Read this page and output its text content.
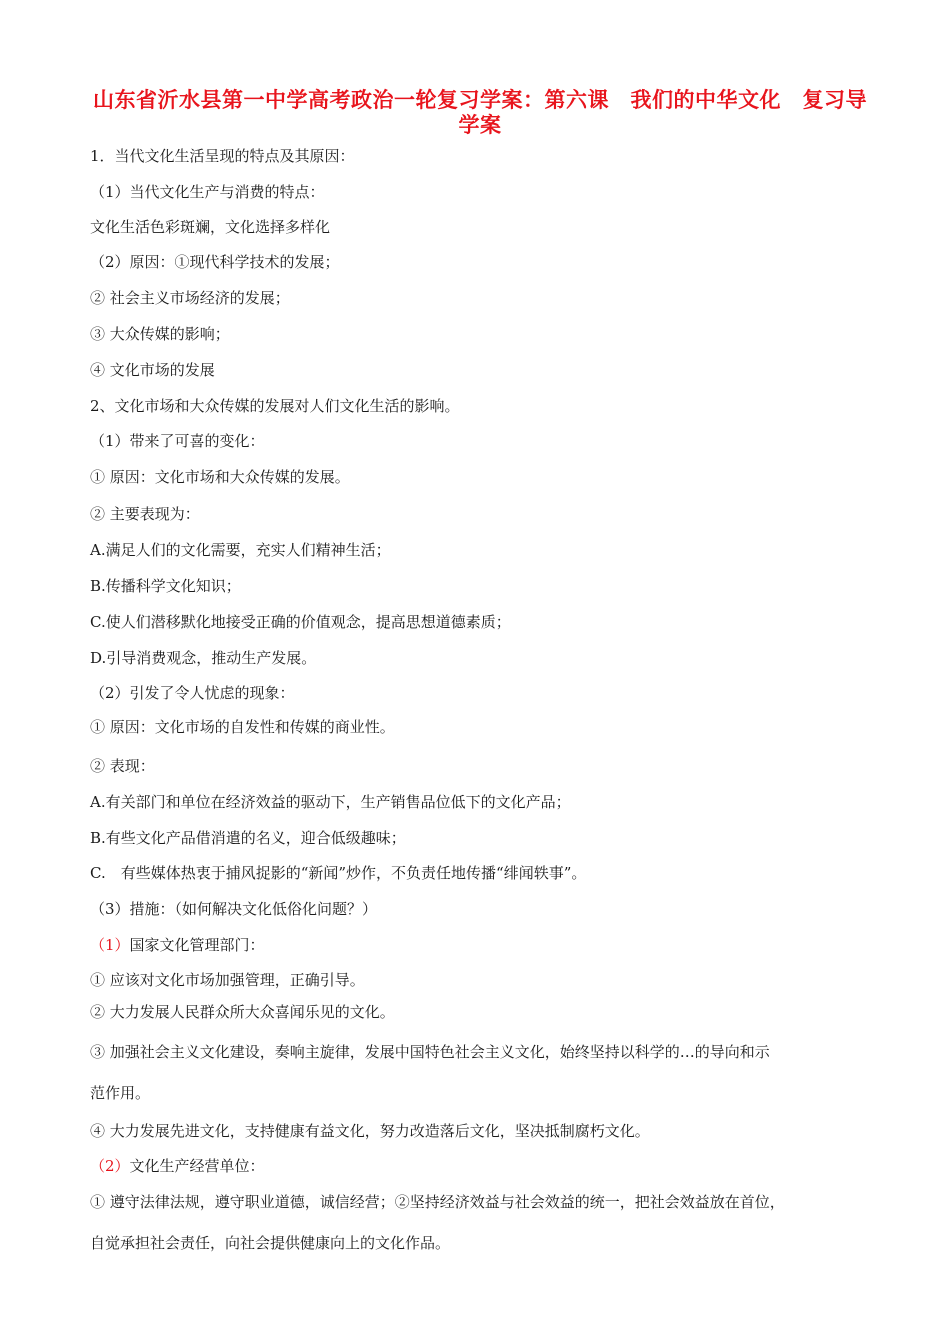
山东省沂水县第一中学高考政治一轮复习学案：第六课　我们的中华文化　复习导学案
1．当代文化生活呈现的特点及其原因：
（1）当代文化生产与消费的特点：
文化生活色彩斑斓，文化选择多样化
（2）原因：①现代科学技术的发展；
② 社会主义市场经济的发展；
③ 大众传媒的影响；
④ 文化市场的发展
2、文化市场和大众传媒的发展对人们文化生活的影响。
（1）带来了可喜的变化：
① 原因：文化市场和大众传媒的发展。
② 主要表现为：
A.满足人们的文化需要，充实人们精神生活；
B.传播科学文化知识；
C.使人们潜移默化地接受正确的价值观念，提高思想道德素质；
D.引导消费观念，推动生产发展。
（2）引发了令人忧虑的现象：
① 原因：文化市场的自发性和传媒的商业性。
② 表现：
A.有关部门和单位在经济效益的驱动下，生产销售品位低下的文化产品；
B.有些文化产品借消遣的名义，迎合低级趣味；
C.　有些媒体热衷于捕风捉影的“新闻”炒作，不负责任地传播“绯闻轶事”。
（3）措施：（如何解决文化低俗化问题？）
（1）国家文化管理部门：
① 应该对文化市场加强管理，正确引导。
② 大力发展人民群众所大众喜闻乐见的文化。
③ 加强社会主义文化建设，奏响主旋律，发展中国特色社会主义文化，始终坚持以科学的…的导向和示
范作用。
④ 大力发展先进文化，支持健康有益文化，努力改造落后文化，坚决抵制腐朽文化。
（2）文化生产经营单位：
① 遵守法律法规，遵守职业道德，诚信经营；②坚持经济效益与社会效益的统一，把社会效益放在首位，
自觉承担社会责任，向社会提供健康向上的文化作品。
